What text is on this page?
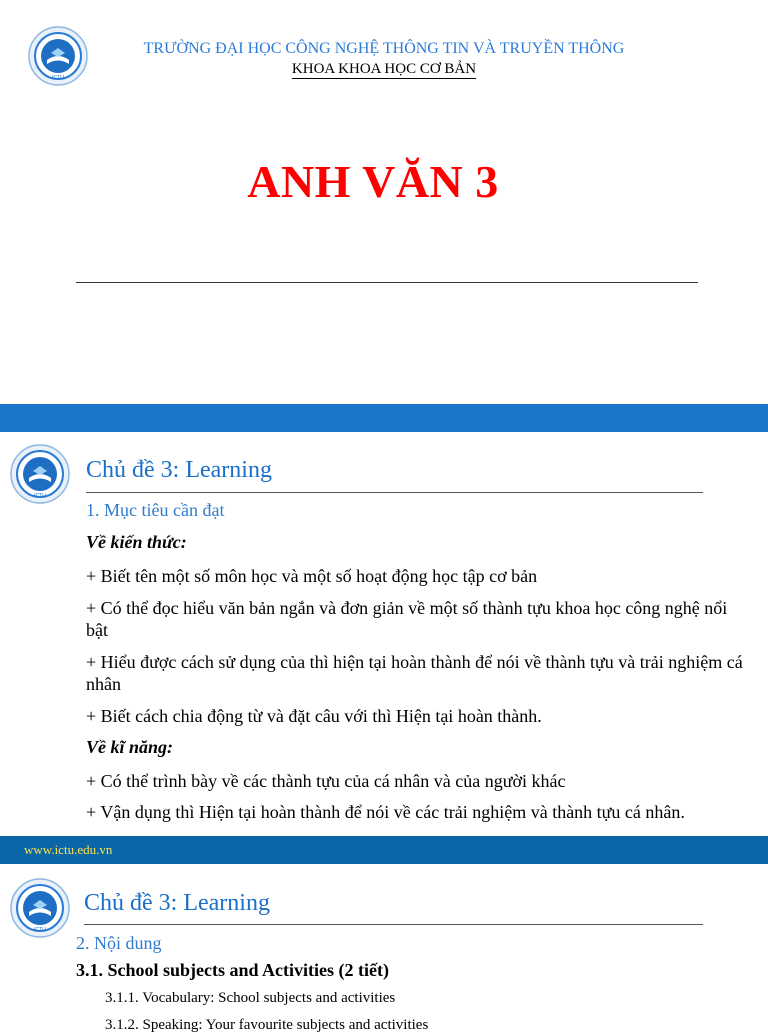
ICTU
TRƯỜNG ĐẠI HỌC CÔNG NGHỆ THÔNG TIN VÀ TRUYỀN THÔNG
KHOA KHOA HỌC CƠ BẢN
ANH VĂN 3
ICTU
Chủ đề 3: Learning
1. Mục tiêu cần đạt
Về kiến thức:
+ Biết tên một số môn học và một số hoạt động học tập cơ bản
+ Có thể đọc hiểu văn bản ngắn và đơn giản về một số thành tựu khoa học công nghệ nổi bật
+ Hiểu được cách sử dụng của thì hiện tại hoàn thành để nói về thành tựu và trải nghiệm cá nhân
+ Biết cách chia động từ và đặt câu với thì Hiện tại hoàn thành.
Về kĩ năng:
+ Có thể trình bày về các thành tựu của cá nhân và của người khác
+ Vận dụng thì Hiện tại hoàn thành để nói về các trải nghiệm và thành tựu cá nhân.
www.ictu.edu.vn
ICTU
Chủ đề 3: Learning
2. Nội dung
3.1. School subjects and Activities (2 tiết)
3.1.1. Vocabulary: School subjects and activities
3.1.2. Speaking: Your favourite subjects and activities
